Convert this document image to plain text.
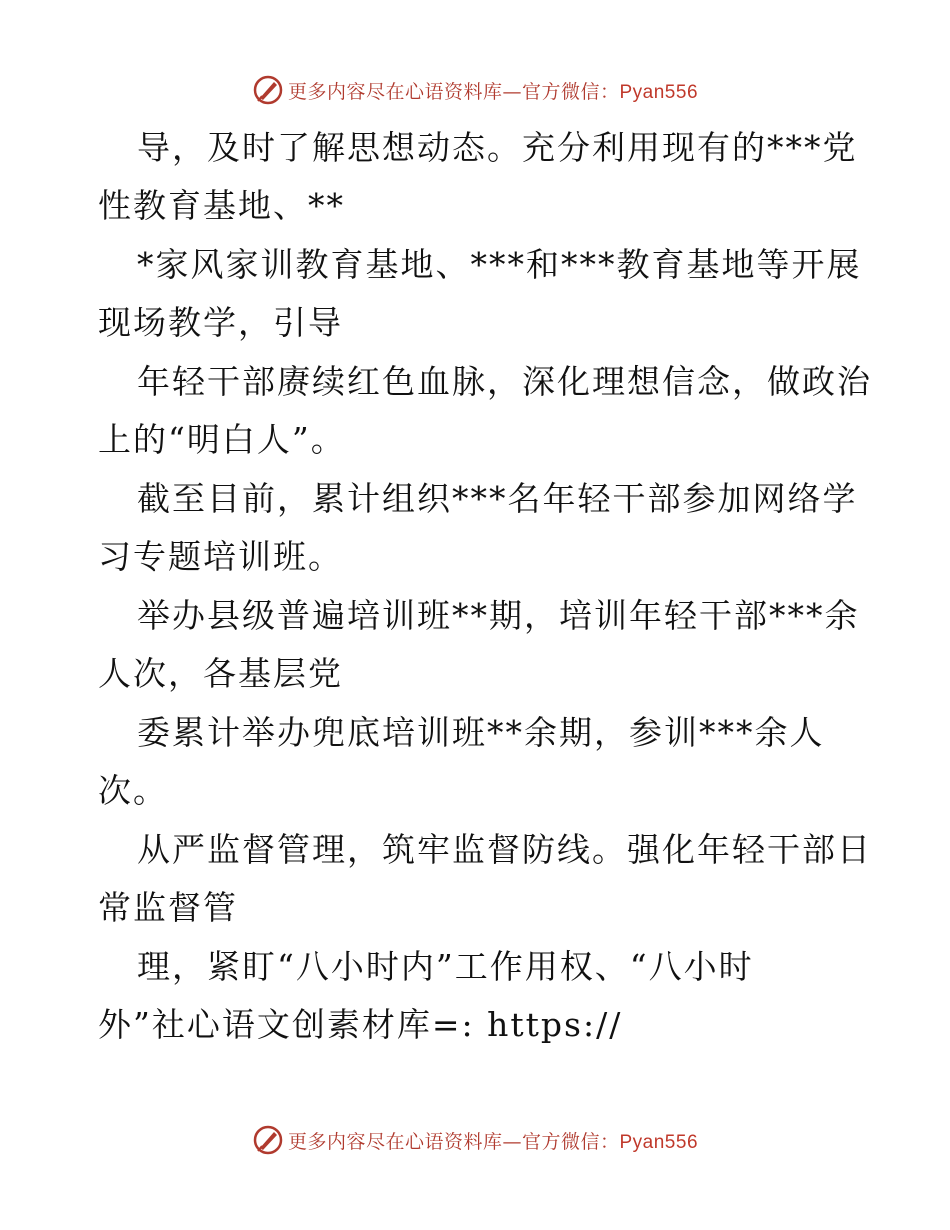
更多内容尽在心语资料库—官方微信：Pyan556
导，及时了解思想动态。充分利用现有的***党
性教育基地、**
*家风家训教育基地、***和***教育基地等开展
现场教学，引导
年轻干部赓续红色血脉，深化理想信念，做政治
上的“明白人”。
截至目前，累计组织***名年轻干部参加网络学
习专题培训班。
举办县级普遍培训班**期，培训年轻干部***余
人次，各基层党
委累计举办兜底培训班**余期，参训***余人
次。
从严监督管理，筑牢监督防线。强化年轻干部日
常监督管
理，紧盯“八小时内”工作用权、“八小时
外”社心语文创素材库=: https://
更多内容尽在心语资料库—官方微信：Pyan556
